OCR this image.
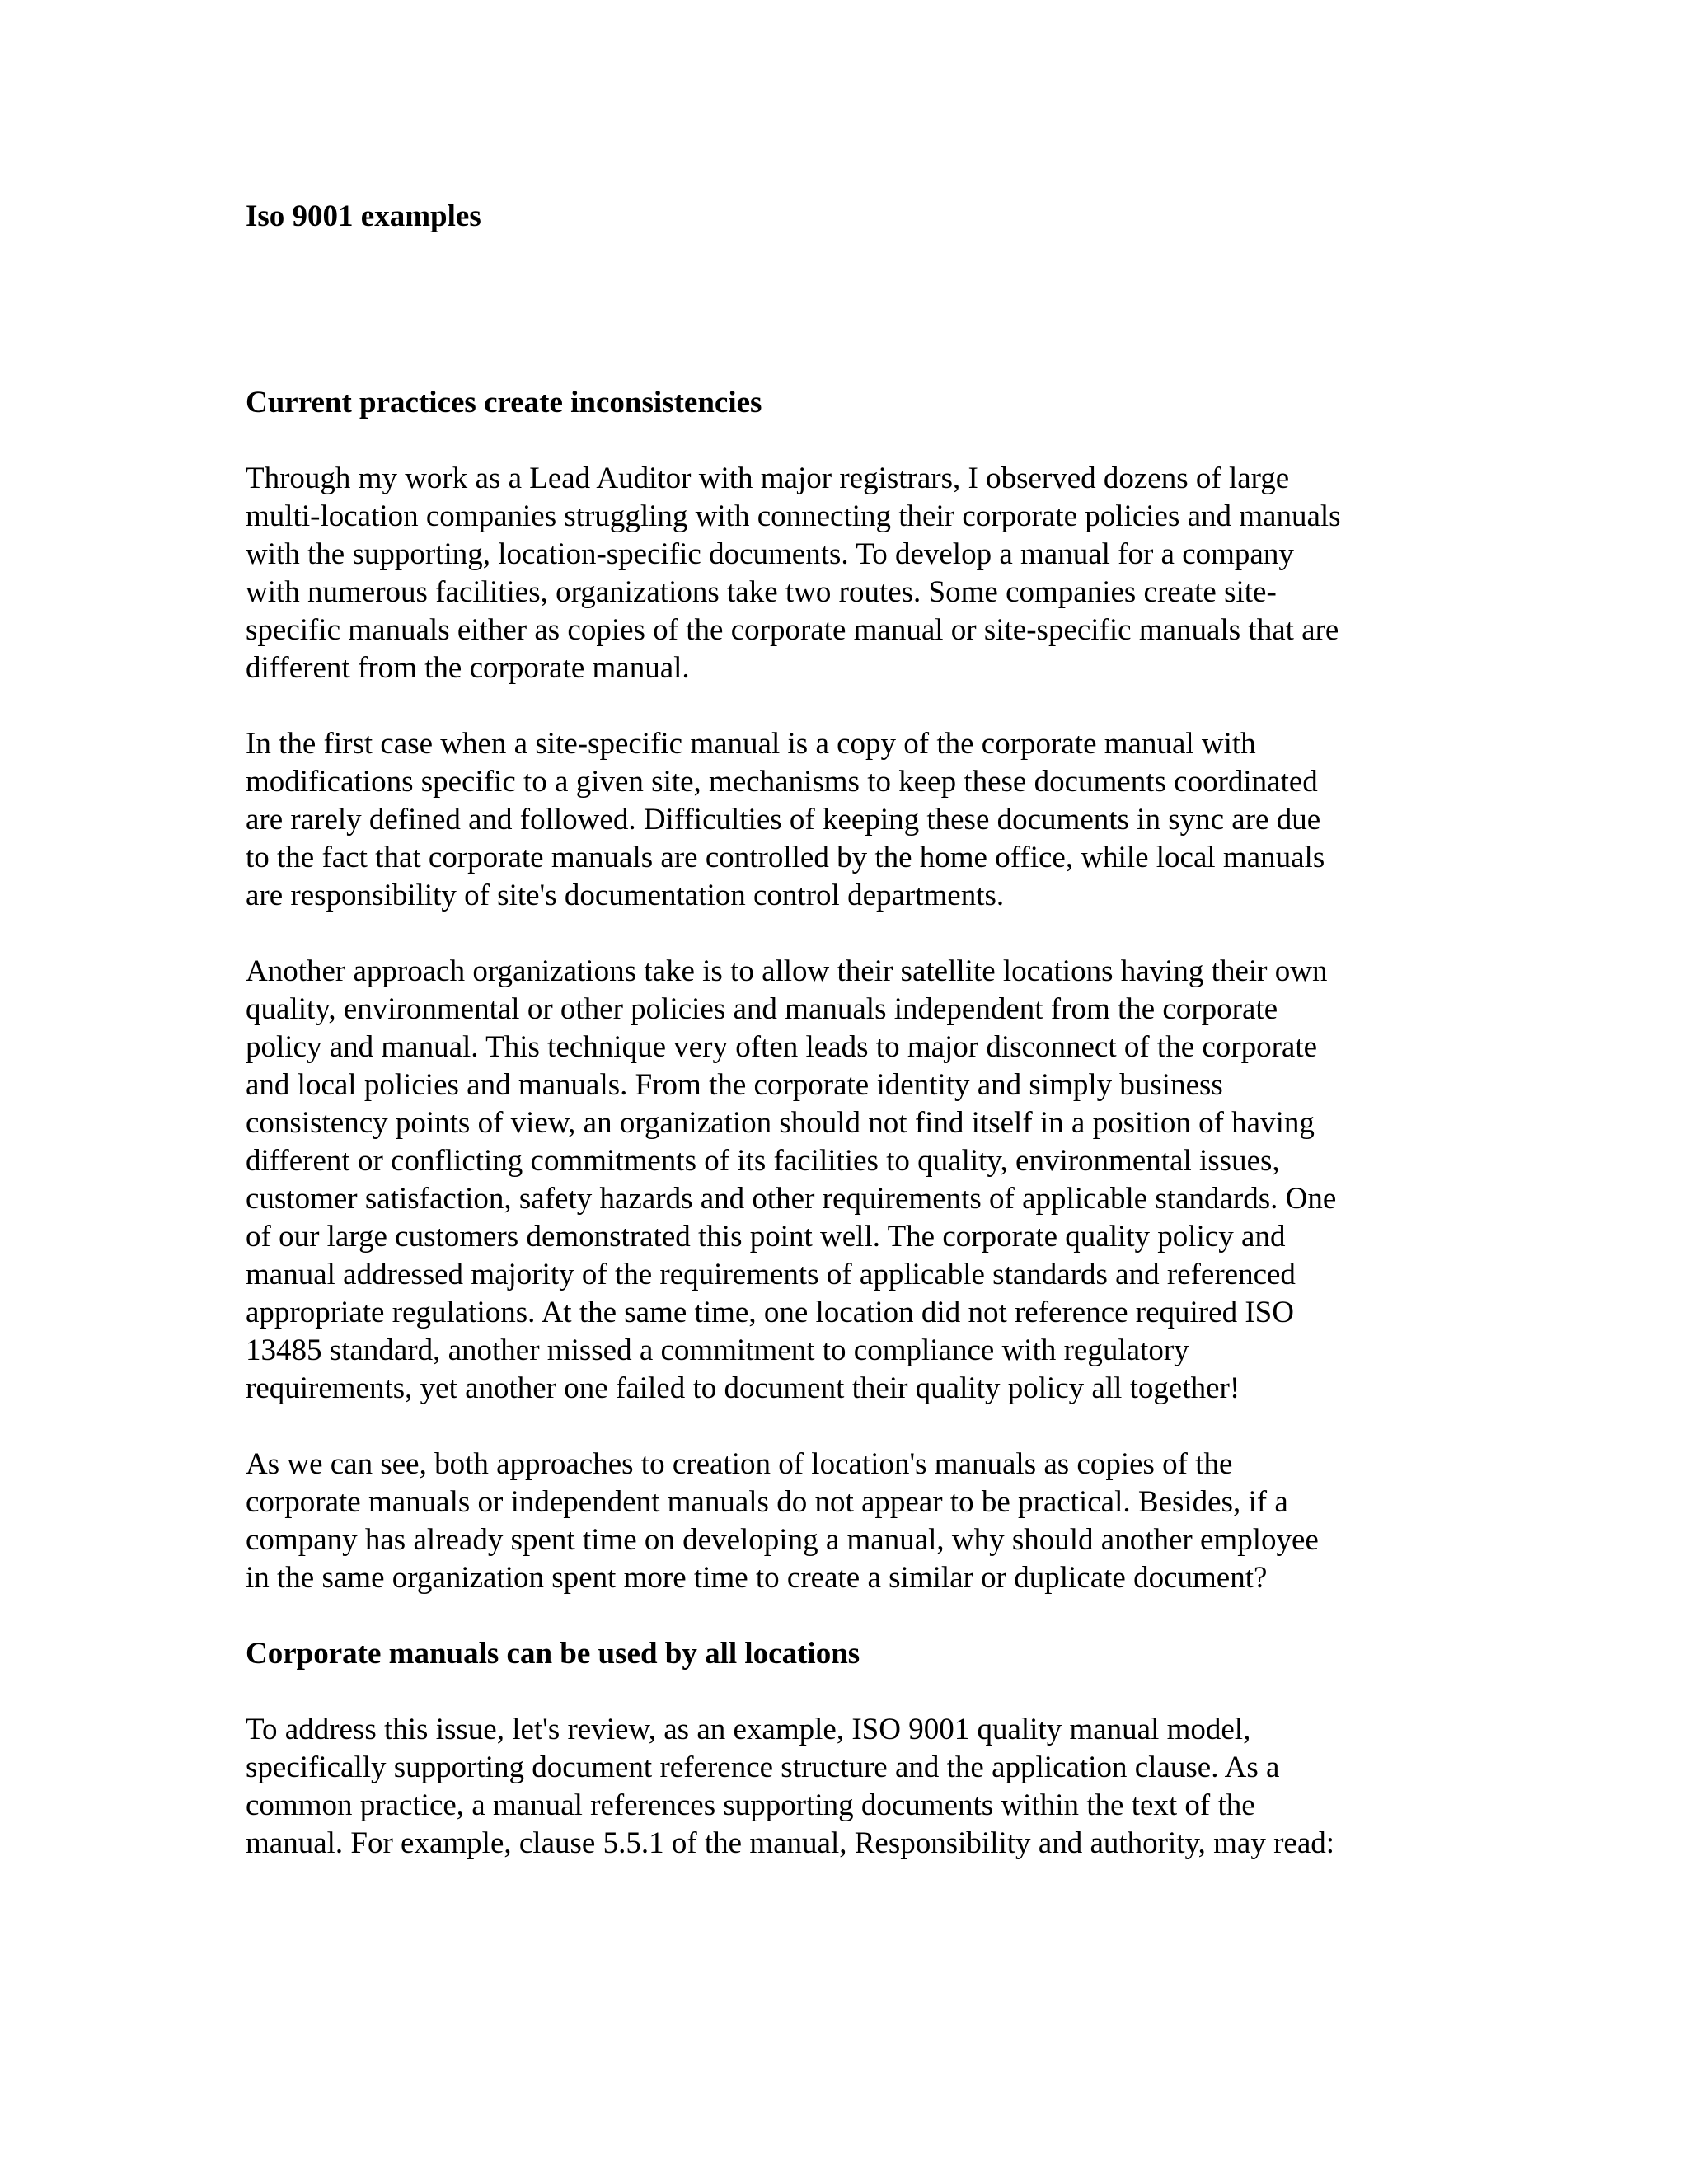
Iso 9001 examples
Current practices create inconsistencies

Through my work as a Lead Auditor with major registrars, I observed dozens of large
multi-location companies struggling with connecting their corporate policies and manuals
with the supporting, location-specific documents. To develop a manual for a company
with numerous facilities, organizations take two routes. Some companies create site-
specific manuals either as copies of the corporate manual or site-specific manuals that are
different from the corporate manual.

In the first case when a site-specific manual is a copy of the corporate manual with
modifications specific to a given site, mechanisms to keep these documents coordinated
are rarely defined and followed. Difficulties of keeping these documents in sync are due
to the fact that corporate manuals are controlled by the home office, while local manuals
are responsibility of site's documentation control departments.

Another approach organizations take is to allow their satellite locations having their own
quality, environmental or other policies and manuals independent from the corporate
policy and manual. This technique very often leads to major disconnect of the corporate
and local policies and manuals. From the corporate identity and simply business
consistency points of view, an organization should not find itself in a position of having
different or conflicting commitments of its facilities to quality, environmental issues,
customer satisfaction, safety hazards and other requirements of applicable standards. One
of our large customers demonstrated this point well. The corporate quality policy and
manual addressed majority of the requirements of applicable standards and referenced
appropriate regulations. At the same time, one location did not reference required ISO
13485 standard, another missed a commitment to compliance with regulatory
requirements, yet another one failed to document their quality policy all together!

As we can see, both approaches to creation of location's manuals as copies of the
corporate manuals or independent manuals do not appear to be practical. Besides, if a
company has already spent time on developing a manual, why should another employee
in the same organization spent more time to create a similar or duplicate document?

Corporate manuals can be used by all locations

To address this issue, let's review, as an example, ISO 9001 quality manual model,
specifically supporting document reference structure and the application clause. As a
common practice, a manual references supporting documents within the text of the
manual. For example, clause 5.5.1 of the manual, Responsibility and authority, may read:
